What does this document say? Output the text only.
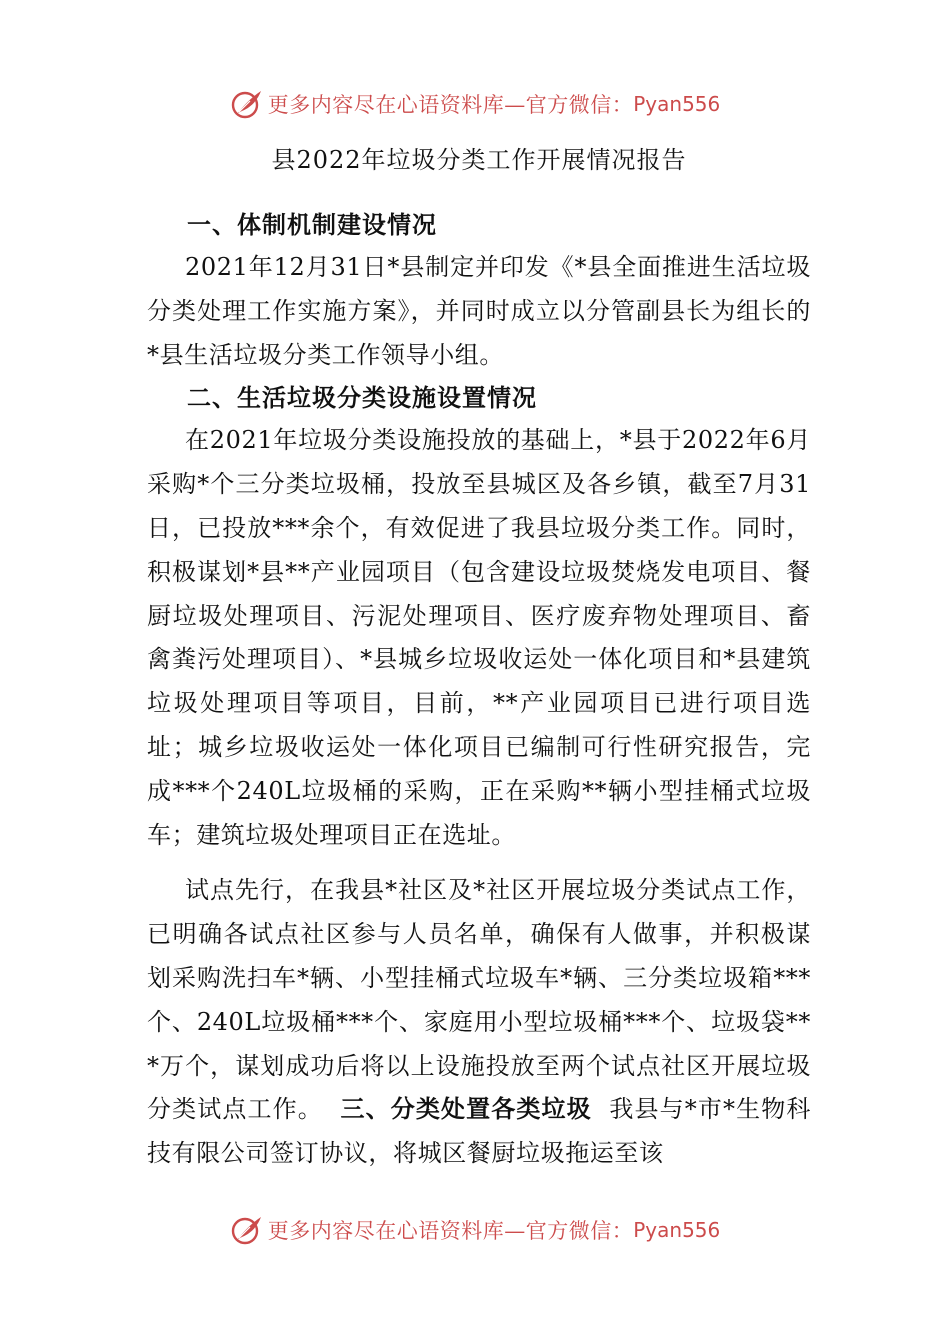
更多内容尽在心语资料库—官方微信： Pyan556
县2022年垃圾分类工作开展情况报告
一、体制机制建设情况

2021年12月31日*县制定并印发《*县全面推进生活垃圾分类处理工作实施方案》，并同时成立以分管副县长为组长的*县生活垃圾分类工作领导小组。

二、生活垃圾分类设施设置情况

在2021年垃圾分类设施投放的基础上，*县于2022年6月采购*个三分类垃圾桶，投放至县城区及各乡镇，截至7月31日，已投放***余个，有效促进了我县垃圾分类工作。同时，积极谋划*县**产业园项目（包含建设垃圾焚烧发电项目、餐厨垃圾处理项目、污泥处理项目、医疗废弃物处理项目、畜禽粪污处理项目）、*县城乡垃圾收运处一体化项目和*县建筑垃圾处理项目等项目，目前，**产业园项目已进行项目选址；城乡垃圾收运处一体化项目已编制可行性研究报告，完成***个240L垃圾桶的采购，正在采购**辆小型挂桶式垃圾车；建筑垃圾处理项目正在选址。

试点先行，在我县*社区及*社区开展垃圾分类试点工作，已明确各试点社区参与人员名单，确保有人做事，并积极谋划采购洗扫车*辆、小型挂桶式垃圾车*辆、三分类垃圾箱***个、240L垃圾桶***个、家庭用小型垃圾桶***个、垃圾袋***万个，谋划成功后将以上设施投放至两个试点社区开展垃圾分类试点工作。 三、分类处置各类垃圾 我县与*市*生物科技有限公司签订协议，将城区餐厨垃圾拖运至该

更多内容尽在心语资料库—官方微信： Pyan556
